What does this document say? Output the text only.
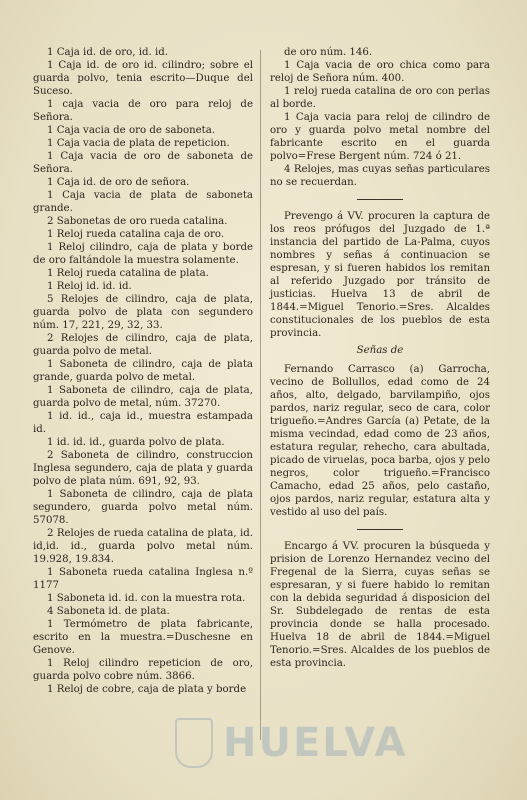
1 Caja id. de oro, id. id.

1 Caja id. de oro id. cilindro; sobre el guarda polvo, tenia escrito—Duque del Suceso.

1 caja vacia de oro para reloj de Señora.

1 Caja vacia de oro de saboneta.

1 Caja vacia de plata de repeticion.

1 Caja vacia de oro de saboneta de Señora.

1 Caja id. de oro de señora.

1 Caja vacia de plata de saboneta grande.

2 Sabonetas de oro rueda catalina.

1 Reloj rueda catalina caja de oro.

1 Reloj cilindro, caja de plata y borde de oro faltándole la muestra solamente.

1 Reloj rueda catalina de plata.

1 Reloj id. id. id.

5 Relojes de cilindro, caja de plata, guarda polvo de plata con segundero núm. 17, 221, 29, 32, 33.

2 Relojes de cilindro, caja de plata, guarda polvo de metal.

1 Saboneta de cilindro, caja de plata grande, guarda polvo de metal.

1 Saboneta de cilindro, caja de plata, guarda polvo de metal, núm. 37270.

1 id. id., caja id., muestra estampada id.

1 id. id. id., guarda polvo de plata.

2 Saboneta de cilindro, construccion Inglesa segundero, caja de plata y guarda polvo de plata núm. 691, 92, 93.

1 Saboneta de cilindro, caja de plata segundero, guarda polvo metal núm. 57078.

2 Relojes de rueda catalina de plata, id. id,id. id., guarda polvo metal núm. 19.928, 19.834.

1 Saboneta rueda catalina Inglesa n.º 1177

1 Saboneta id. id. con la muestra rota.

4 Saboneta id. de plata.

1 Termómetro de plata fabricante, escrito en la muestra.=Duschesne en Genove.

1 Reloj cilindro repeticion de oro, guarda polvo cobre núm. 3866.

1 Reloj de cobre, caja de plata y borde

de oro núm. 146.

1 Caja vacia de oro chica como para reloj de Señora núm. 400.

1 reloj rueda catalina de oro con perlas al borde.

1 Caja vacia para reloj de cilindro de oro y guarda polvo metal nombre del fabricante escrito en el guarda polvo=Frese Bergent núm. 724 ó 21.

4 Relojes, mas cuyas señas particulares no se recuerdan.

Prevengo á VV. procuren la captura de los reos prófugos del Juzgado de 1.ª instancia del partido de La-Palma, cuyos nombres y señas á continuacion se espresan, y si fueren habidos los remitan al referido Juzgado por tránsito de justicias. Huelva 13 de abril de 1844.=Miguel Tenorio.=Sres. Alcaldes constitucionales de los pueblos de esta provincia.

Señas de

Fernando Carrasco (a) Garrocha, vecino de Bollullos, edad como de 24 años, alto, delgado, barvilampiño, ojos pardos, nariz regular, seco de cara, color trigueño.=Andres García (a) Petate, de la misma vecindad, edad como de 23 años, estatura regular, rehecho, cara abultada, picado de viruelas, poca barba, ojos y pelo negros, color trigueño.=Francisco Camacho, edad 25 años, pelo castaño, ojos pardos, nariz regular, estatura alta y vestido al uso del país.

Encargo á VV. procuren la búsqueda y prision de Lorenzo Hernandez vecino del Fregenal de la Sierra, cuyas señas se espresaran, y si fuere habido lo remitan con la debida seguridad á disposicion del Sr. Subdelegado de rentas de esta provincia donde se halla procesado. Huelva 18 de abril de 1844.=Miguel Tenorio.=Sres. Alcaldes de los pueblos de esta provincia.

HUELVA
